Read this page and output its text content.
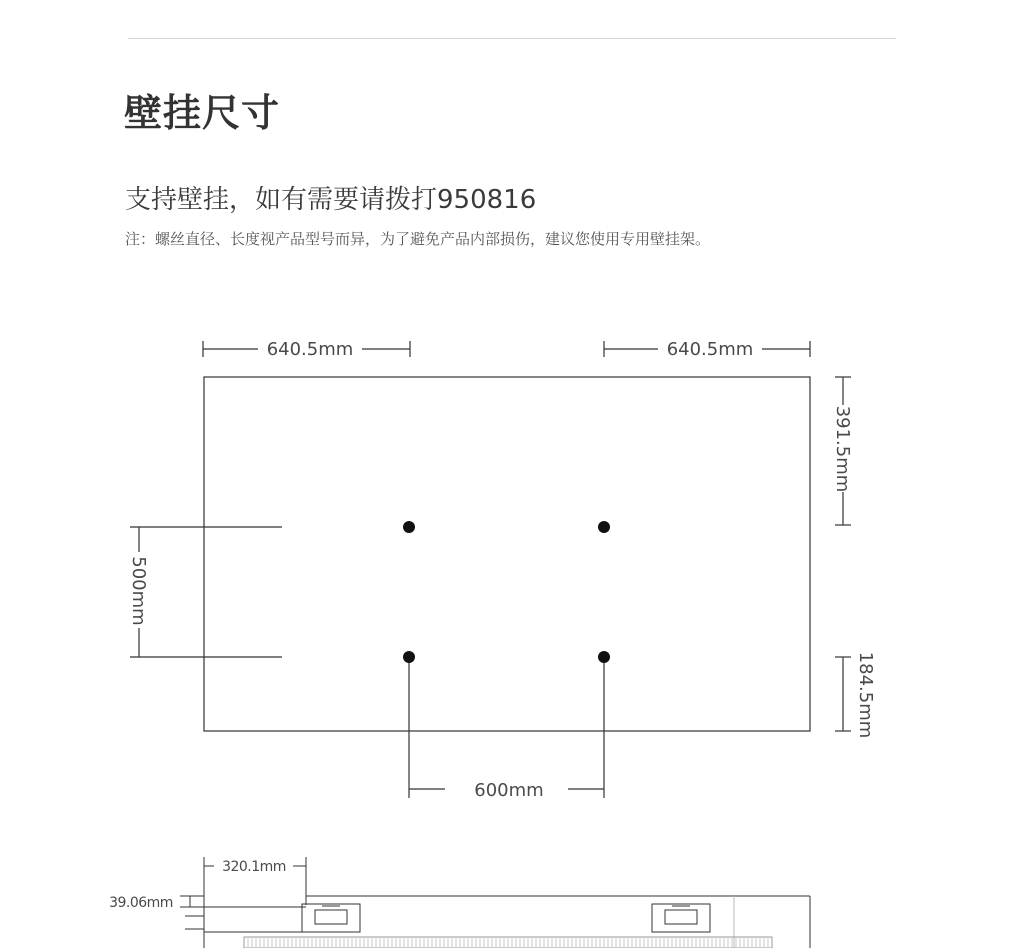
壁挂尺寸
支持壁挂，如有需要请拨打950816
注：螺丝直径、长度视产品型号而异，为了避免产品内部损伤，建议您使用专用壁挂架。
640.5mm	640.5mm
391.5mm
184.5mm
500mm
600mm
320.1mm
39.06mm
